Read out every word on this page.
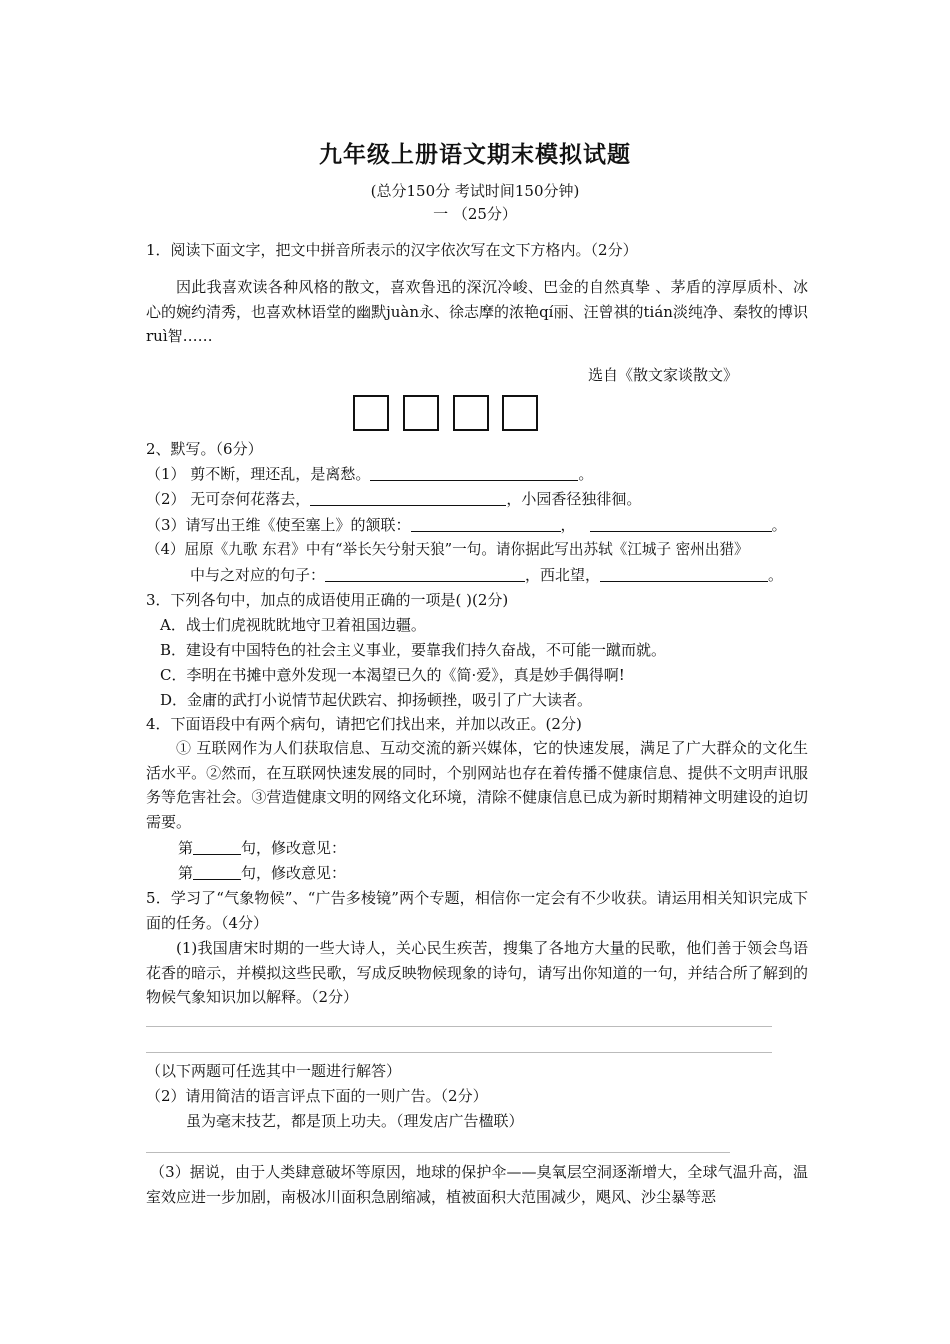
九年级上册语文期末模拟试题
(总分150分 考试时间150分钟)
一 （25分）
1．阅读下面文字，把文中拼音所表示的汉字依次写在文下方格内。（2分）
因此我喜欢读各种风格的散文，喜欢鲁迅的深沉冷峻、巴金的自然真挚 、茅盾的淳厚质朴、冰心的婉约清秀，也喜欢林语堂的幽默juàn永、徐志摩的浓艳qí丽、汪曾祺的tián淡纯净、秦牧的博识ruì智……
选自《散文家谈散文》
2、默写。（6分）
（1） 剪不断，理还乱，是离愁。	。
（2） 无可奈何花落去，	，小园香径独徘徊。
（3）请写出王维《使至塞上》的颔联：	，	。
（4）屈原《九歌 东君》中有“举长矢兮射天狼”一句。请你据此写出苏轼《江城子 密州出猎》
中与之对应的句子：	，西北望，	。
3．下列各句中，加点的成语使用正确的一项是( )(2分)
A．战士们虎视眈眈地守卫着祖国边疆。
B．建设有中国特色的社会主义事业，要靠我们持久奋战，不可能一蹴而就。
C．李明在书摊中意外发现一本渴望已久的《简·爱》，真是妙手偶得啊!
D．金庸的武打小说情节起伏跌宕、抑扬顿挫，吸引了广大读者。
4．下面语段中有两个病句，请把它们找出来，并加以改正。(2分)
① 互联网作为人们获取信息、互动交流的新兴媒体，它的快速发展，满足了广大群众的文化生活水平。②然而，在互联网快速发展的同时，个别网站也存在着传播不健康信息、提供不文明声讯服务等危害社会。③营造健康文明的网络文化环境，清除不健康信息已成为新时期精神文明建设的迫切需要。
第	句，修改意见：
第	句，修改意见：
5．学习了“气象物候”、“广告多棱镜”两个专题，相信你一定会有不少收获。请运用相关知识完成下面的任务。（4分）
(1)我国唐宋时期的一些大诗人，关心民生疾苦，搜集了各地方大量的民歌，他们善于领会鸟语花香的暗示，并模拟这些民歌，写成反映物候现象的诗句，请写出你知道的一句，并结合所了解到的物候气象知识加以解释。（2分）
（以下两题可任选其中一题进行解答）
（2）请用简洁的语言评点下面的一则广告。（2分）
虽为毫末技艺，都是顶上功夫。（理发店广告楹联）
（3）据说，由于人类肆意破坏等原因，地球的保护伞——臭氧层空洞逐渐增大，全球气温升高，温室效应进一步加剧，南极冰川面积急剧缩减，植被面积大范围减少，飓风、沙尘暴等恶
